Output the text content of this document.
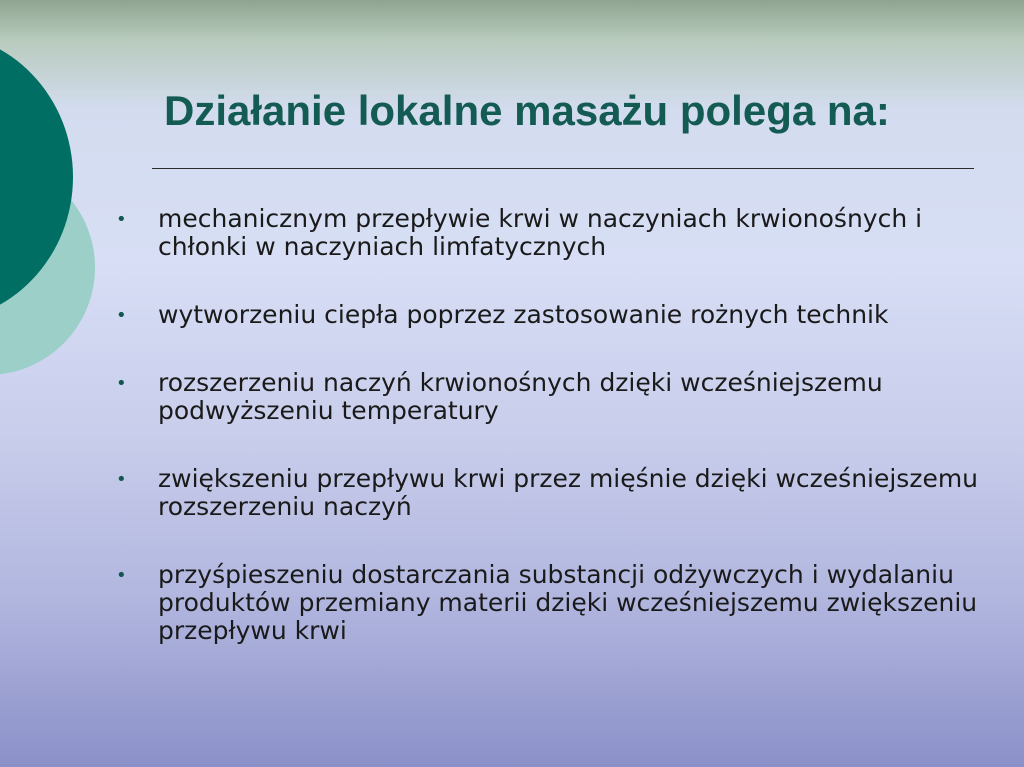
Działanie lokalne masażu polega na:
• mechanicznym przepływie krwi w naczyniach krwionośnych i chłonki w naczyniach limfatycznych
• wytworzeniu ciepła poprzez zastosowanie rożnych technik
• rozszerzeniu naczyń krwionośnych dzięki wcześniejszemu podwyższeniu temperatury
• zwiększeniu przepływu krwi przez mięśnie dzięki wcześniejszemu rozszerzeniu naczyń
• przyśpieszeniu dostarczania substancji odżywczych i wydalaniu produktów przemiany materii dzięki wcześniejszemu zwiększeniu przepływu krwi
